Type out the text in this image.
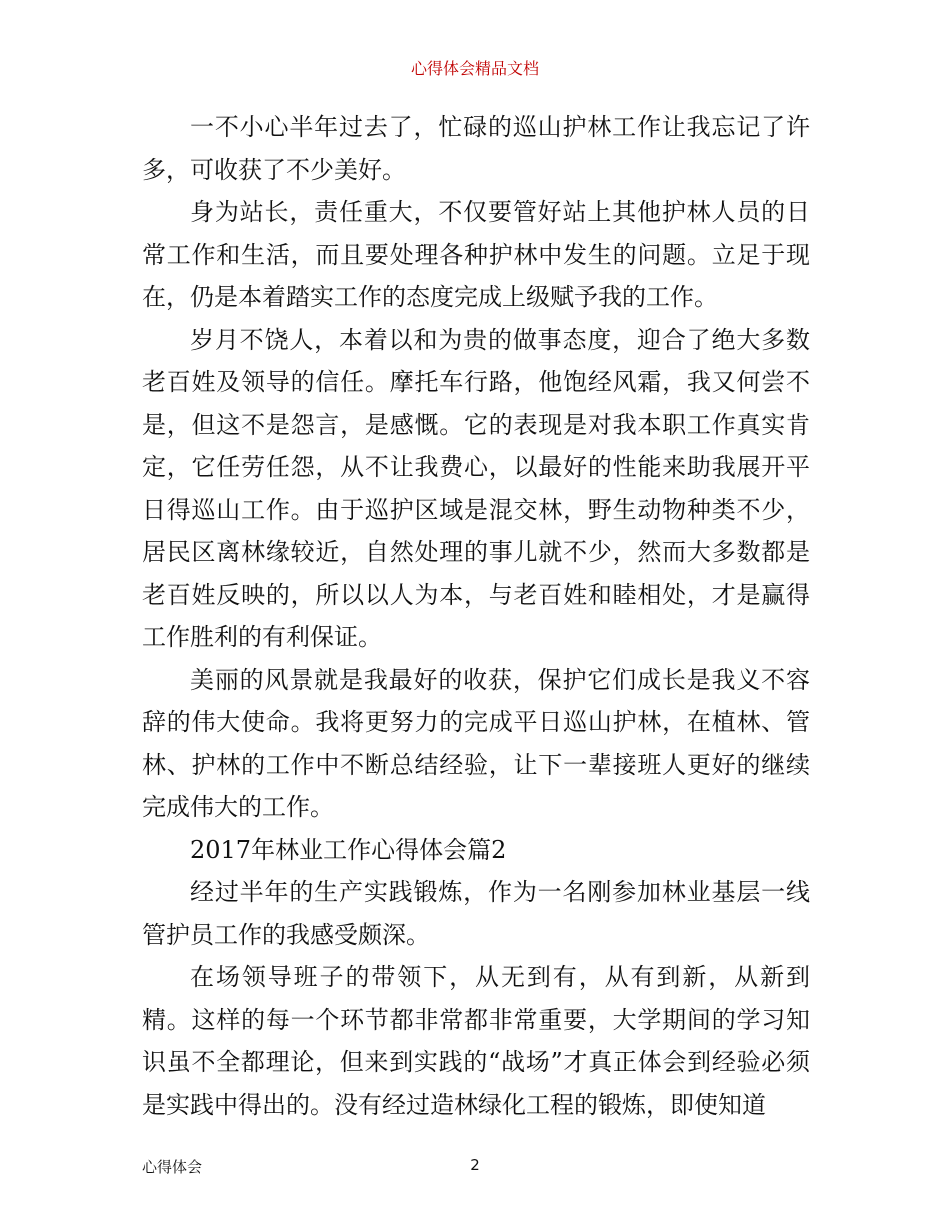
心得体会精品文档

一不小心半年过去了，忙碌的巡山护林工作让我忘记了许多，可收获了不少美好。

身为站长，责任重大，不仅要管好站上其他护林人员的日常工作和生活，而且要处理各种护林中发生的问题。立足于现在，仍是本着踏实工作的态度完成上级赋予我的工作。

岁月不饶人，本着以和为贵的做事态度，迎合了绝大多数老百姓及领导的信任。摩托车行路，他饱经风霜，我又何尝不是，但这不是怨言，是感慨。它的表现是对我本职工作真实肯定，它任劳任怨，从不让我费心，以最好的性能来助我展开平日得巡山工作。由于巡护区域是混交林，野生动物种类不少，居民区离林缘较近，自然处理的事儿就不少，然而大多数都是老百姓反映的，所以以人为本，与老百姓和睦相处，才是赢得工作胜利的有利保证。

美丽的风景就是我最好的收获，保护它们成长是我义不容辞的伟大使命。我将更努力的完成平日巡山护林，在植林、管林、护林的工作中不断总结经验，让下一辈接班人更好的继续完成伟大的工作。

2017年林业工作心得体会篇2

经过半年的生产实践锻炼，作为一名刚参加林业基层一线管护员工作的我感受颇深。

在场领导班子的带领下，从无到有，从有到新，从新到精。这样的每一个环节都非常都非常重要，大学期间的学习知识虽不全都理论，但来到实践的“战场”才真正体会到经验必须是实践中得出的。没有经过造林绿化工程的锻炼，即使知道

心得体会	2
